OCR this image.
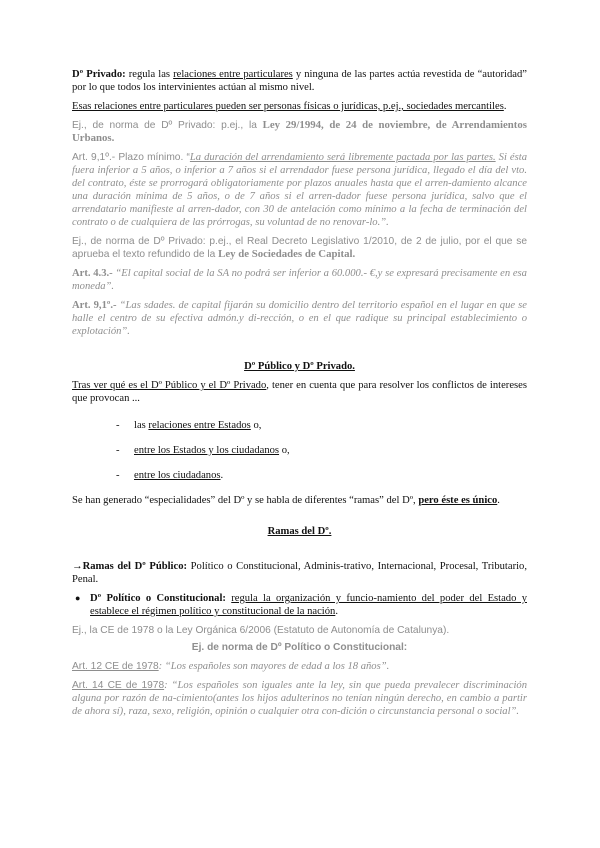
Dº Privado: regula las relaciones entre particulares y ninguna de las partes actúa revestida de “autoridad” por lo que todos los intervinientes actúan al mismo nivel.

Esas relaciones entre particulares pueden ser personas físicas o jurídicas, p.ej., sociedades mercantiles.

Ej., de norma de Dº Privado: p.ej., la Ley 29/1994, de 24 de noviembre, de Arrendamientos Urbanos.

Art. 9,1º.- Plazo mínimo. “La duración del arrendamiento será libremente pactada por las partes. Si ésta fuera inferior a 5 años, o inferior a 7 años si el arrendador fuese persona jurídica, llegado el día del vto. del contrato, éste se prorrogará obligatoriamente por plazos anuales hasta que el arren-damiento alcance una duración mínima de 5 años, o de 7 años si el arren-dador fuese persona jurídica, salvo que el arrendatario manifieste al arren-dador, con 30 de antelación como mínimo a la fecha de terminación del contrato o de cualquiera de las prórrogas, su voluntad de no renovar-lo.”.

Ej., de norma de Dº Privado: p.ej., el Real Decreto Legislativo 1/2010, de 2 de julio, por el que se aprueba el texto refundido de la Ley de Sociedades de Capital.

Art. 4.3.- “El capital social de la SA no podrá ser inferior a 60.000.- €,y se expresará precisamente en esa moneda”.

Art. 9,1º.- “Las sdades. de capital fijarán su domicilio dentro del territorio español en el lugar en que se halle el centro de su efectiva admón.y di-rección, o en el que radique su principal establecimiento o explotación”.

Dº Público y Dº Privado.

Tras ver qué es el Dº Público y el Dº Privado, tener en cuenta que para resolver los conflictos de intereses que provocan ...

- las relaciones entre Estados o,
- entre los Estados y los ciudadanos o,
- entre los ciudadanos.

Se han generado “especialidades” del Dº y se habla de diferentes “ramas” del Dº, pero éste es único.

Ramas del Dº.

→Ramas del Dº Público: Político o Constitucional, Adminis-trativo, Internacional, Procesal, Tributario, Penal.

● Dº Político o Constitucional: regula la organización y funcio-namiento del poder del Estado y establece el régimen político y constitucional de la nación.

Ej., la CE de 1978 o la Ley Orgánica 6/2006 (Estatuto de Autonomía de Catalunya).

Ej. de norma de Dº Político o Constitucional:

Art. 12 CE de 1978: “Los españoles son mayores de edad a los 18 años”.

Art. 14 CE de 1978: “Los españoles son iguales ante la ley, sin que pueda prevalecer discriminación alguna por razón de na-cimiento(antes los hijos adulterinos no tenían ningún derecho, en cambio a partir de ahora sí), raza, sexo, religión, opinión o cualquier otra con-dición o circunstancia personal o social”.
